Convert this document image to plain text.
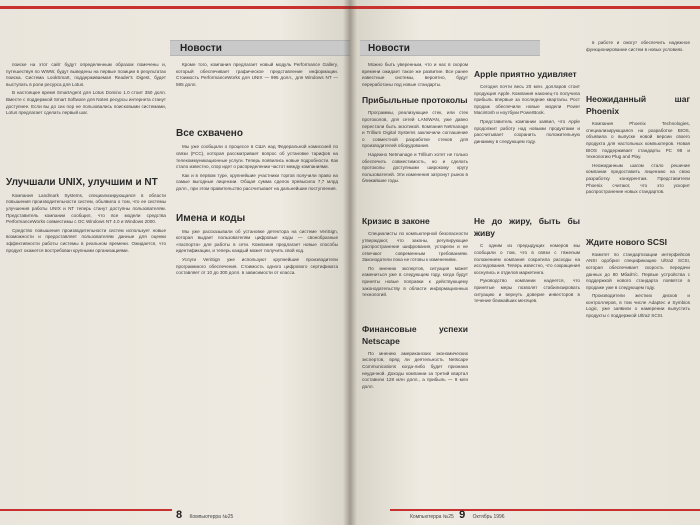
Новости

поиске на этот сайт будут определенным образом помечены и, путешествуя по WWW, будут выведены на первые позиции в результатах поиска. Система LookSmart, поддерживаемая Reader's Digest, будет выступать в роли ресурса для Lotus.

В настоящее время SmartAgent для Lotus Domino 1.0 стоит 350 долл. Вместе с поддержкой Smart Software для Notes ресурсы интернета станут доступнее. Если вы до сих пор не пользовались поисковыми системами, Lotus предлагает сделать первый шаг.

Улучшали UNIX, улучшим и NT

Компания Landmark Systems, специализирующаяся в области повышения производительности систем, объявила о том, что ее системы улучшения работы UNIX и NT теперь станут доступны пользователям. Представитель компании сообщил, что все модели средства PerformanceWorks совместимы с ОС Windows NT 4.0 и Windows 2000.

Средство повышения производительности систем использует новые возможности и предоставляет пользователям данные для оценки эффективности работы системы в реальном времени. Ожидается, что продукт окажется востребован крупными организациями.

Кроме того, компания предлагает новый модуль Performance Gallery, который обеспечивает графическое представление информации. Стоимость PerformanceWorks для UNIX — 995 долл., для Windows NT — 595 долл.

Все схвачено

Мы уже сообщали о процессе в США над Федеральной комиссией по связи (FCC), которая рассматривает вопрос об установке тарифов на телекоммуникационные услуги. Теперь появились новые подробности. Как стало известно, спор идет о распределении частот между компаниями.

Как и в первом туре, крупнейшие участники торгов получили право на самые выгодные лицензии. Общая сумма сделок превысила 7,7 млрд долл., при этом правительство рассчитывает на дальнейшие поступления.

Имена и коды

Мы уже рассказывали об установке детектора на системе VeriSign, которая выдает пользователям цифровые коды — своеобразные «паспорта» для работы в сети. Компания предлагает новые способы идентификации, и теперь каждый может получить свой код.

Услуги VeriSign уже используют крупнейшие производители программного обеспечения. Стоимость одного цифрового сертификата составляет от 10 до 300 долл. в зависимости от класса.

8 Компьютерра №25
Новости

Можно быть уверенным, что и нас в скором времени ожидает такое же развитие. Все ранее известные системы, вероятно, будут переработаны под новые стандарты.

Прибыльные протоколы

Программы, реализующие стек, или стек протоколов, для сетей LAN/WAN, уже давно перестали быть экзотикой. Компания Netmanage и Trillium Digital Systems заключили соглашение о совместной разработке стеков для производителей оборудования.

Надежно Netmanage и Trillium хотят не только обеспечить совместимость, но и сделать протоколы доступными широкому кругу пользователей. Эти изменения затронут рынок в ближайшие годы.

Кризис в законе

Специалисты по компьютерной безопасности утверждают, что законы, регулирующие распространение шифрования, устарели и не отвечают современным требованиям. Законодатели пока не готовы к изменениям.

По мнению экспертов, ситуация может измениться уже в следующем году, когда будут приняты новые поправки к действующему законодательству в области информационных технологий.

Финансовые успехи Netscape

По мнению американских экономических экспертов, вряд ли деятельность Netscape Communications когда-либо будет признана неудачной. Доходы компании за третий квартал составили 128 млн долл., а прибыль — 9 млн долл.

Apple приятно удивляет

Сегодня почти весь 20 млн. долларов стоит продукция Apple. Компания наконец-то получила прибыль впервые за последние кварталы. Рост продаж обеспечили новые модели Power Macintosh и ноутбуки PowerBook.

Представитель компании заявил, что Apple продолжит работу над новыми продуктами и рассчитывает сохранить положительную динамику в следующем году.

Не до жиру, быть бы живу

С одним из предыдущих номеров мы сообщали о том, что в связи с тяжелым положением компания сократила расходы на исследования. Теперь известно, что сокращения коснулись и отделов маркетинга.

Руководство компании надеется, что принятые меры позволят стабилизировать ситуацию и вернуть доверие инвесторов в течение ближайших месяцев.

в работе и смогут обеспечить надежное функционирование систем в новых условиях.

Неожиданный шаг Phoenix

Компания Phoenix Technologies, специализирующаяся на разработке BIOS, объявила о выпуске новой версии своего продукта для настольных компьютеров. Новая BIOS поддерживает стандарты PC 98 и технологию Plug and Play.

Неожиданным шагом стало решение компании предоставить лицензию на свою разработку конкурентам. Представители Phoenix считают, что это ускорит распространение новых стандартов.

Ждите нового SCSI

Комитет по стандартизации интерфейсов ANSI одобрил спецификацию Ultra2 SCSI, которая обеспечивает скорость передачи данных до 80 Мбайт/с. Первые устройства с поддержкой нового стандарта появятся в продаже уже в следующем году.

Производители жестких дисков и контроллеров, в том числе Adaptec и Symbios Logic, уже заявили о намерении выпустить продукты с поддержкой Ultra2 SCSI.

Компьютерра №25 9 Октябрь 1996
